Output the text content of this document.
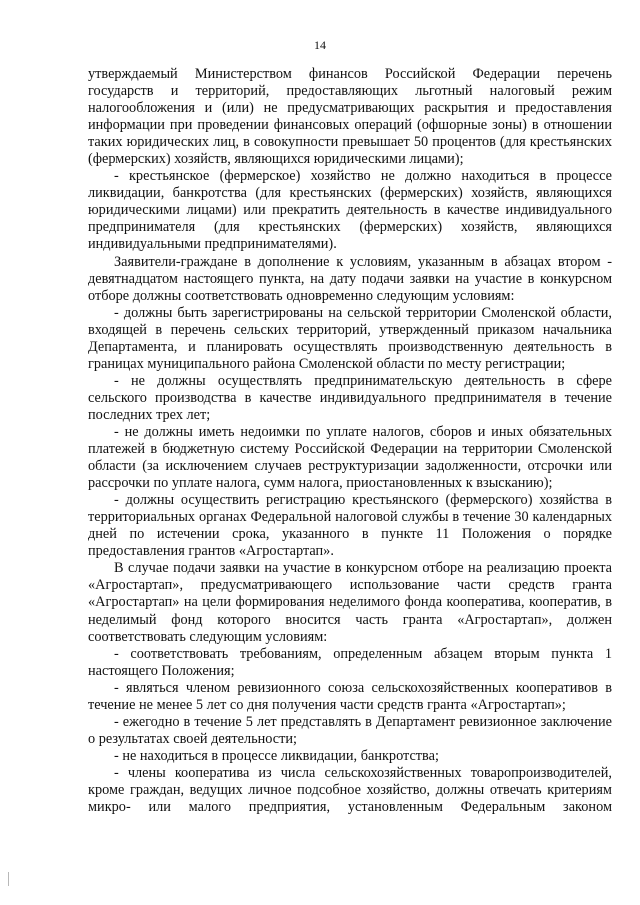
14

утверждаемый Министерством финансов Российской Федерации перечень государств и территорий, предоставляющих льготный налоговый режим налогообложения и (или) не предусматривающих раскрытия и предоставления информации при проведении финансовых операций (офшорные зоны) в отношении таких юридических лиц, в совокупности превышает 50 процентов (для крестьянских (фермерских) хозяйств, являющихся юридическими лицами);

- крестьянское (фермерское) хозяйство не должно находиться в процессе ликвидации, банкротства (для крестьянских (фермерских) хозяйств, являющихся юридическими лицами) или прекратить деятельность в качестве индивидуального предпринимателя (для крестьянских (фермерских) хозяйств, являющихся индивидуальными предпринимателями).

Заявители-граждане в дополнение к условиям, указанным в абзацах втором - девятнадцатом настоящего пункта, на дату подачи заявки на участие в конкурсном отборе должны соответствовать одновременно следующим условиям:

- должны быть зарегистрированы на сельской территории Смоленской области, входящей в перечень сельских территорий, утвержденный приказом начальника Департамента, и планировать осуществлять производственную деятельность в границах муниципального района Смоленской области по месту регистрации;

- не должны осуществлять предпринимательскую деятельность в сфере сельского производства в качестве индивидуального предпринимателя в течение последних трех лет;

- не должны иметь недоимки по уплате налогов, сборов и иных обязательных платежей в бюджетную систему Российской Федерации на территории Смоленской области (за исключением случаев реструктуризации задолженности, отсрочки или рассрочки по уплате налога, сумм налога, приостановленных к взысканию);

- должны осуществить регистрацию крестьянского (фермерского) хозяйства в территориальных органах Федеральной налоговой службы в течение 30 календарных дней по истечении срока, указанного в пункте 11 Положения о порядке предоставления грантов «Агростартап».

В случае подачи заявки на участие в конкурсном отборе на реализацию проекта «Агростартап», предусматривающего использование части средств гранта «Агростартап» на цели формирования неделимого фонда кооператива, кооператив, в неделимый фонд которого вносится часть гранта «Агростартап», должен соответствовать следующим условиям:

- соответствовать требованиям, определенным абзацем вторым пункта 1 настоящего Положения;

- являться членом ревизионного союза сельскохозяйственных кооперативов в течение не менее 5 лет со дня получения части средств гранта «Агростартап»;

- ежегодно в течение 5 лет представлять в Департамент ревизионное заключение о результатах своей деятельности;

- не находиться в процессе ликвидации, банкротства;

- члены кооператива из числа сельскохозяйственных товаропроизводителей, кроме граждан, ведущих личное подсобное хозяйство, должны отвечать критериям микро- или малого предприятия, установленным Федеральным законом
